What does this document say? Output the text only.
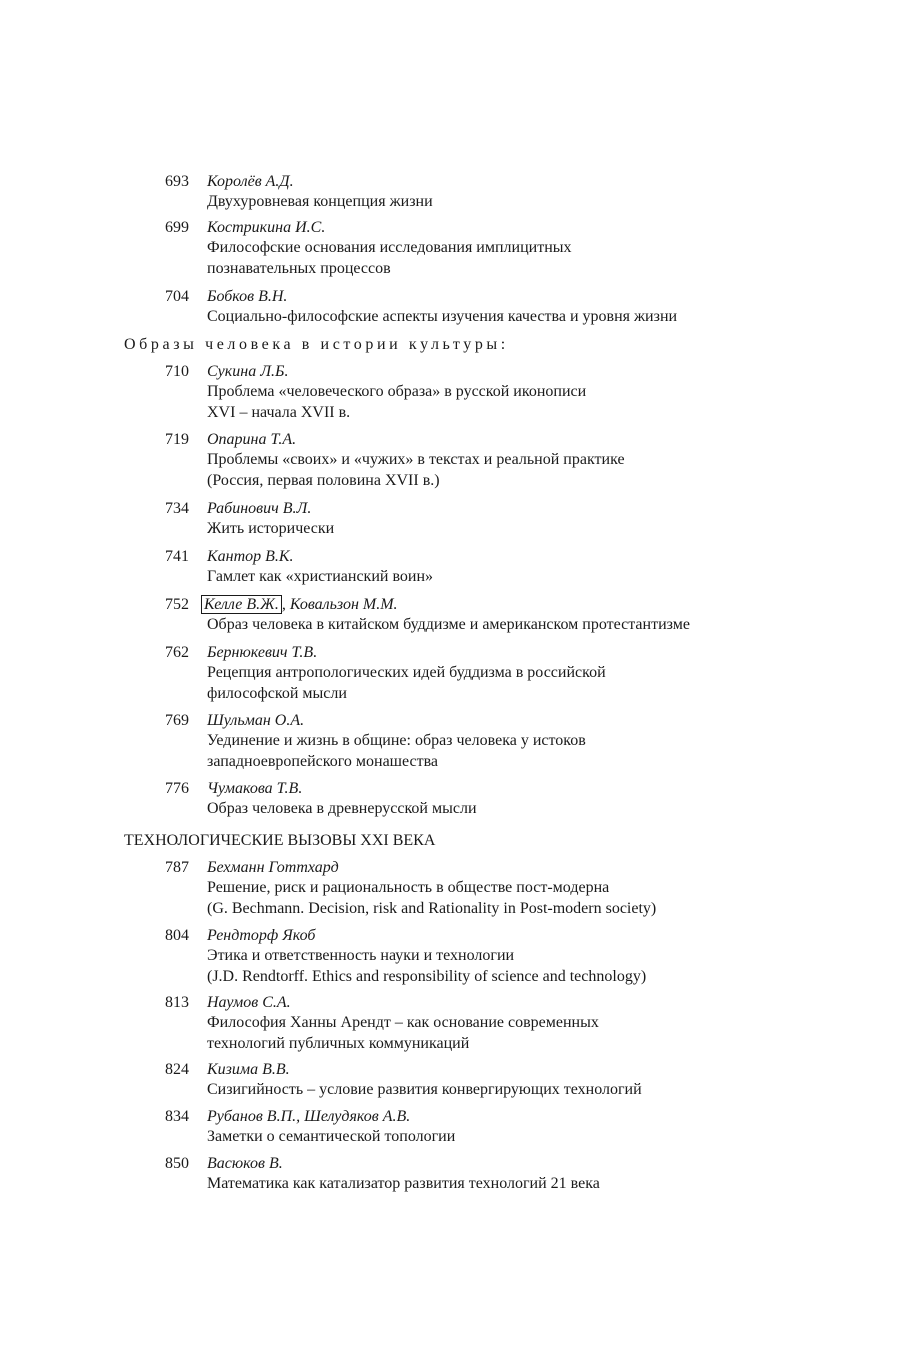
693 Королёв А.Д.
Двухуровневая концепция жизни
699 Кострикина И.С.
Философские основания исследования имплицитных
познавательных процессов
704 Бобков В.Н.
Социально-философские аспекты изучения качества и уровня жизни
Образы человека в истории культуры:
710 Сукина Л.Б.
Проблема «человеческого образа» в русской иконописи
XVI – начала XVII в.
719 Опарина Т.А.
Проблемы «своих» и «чужих» в текстах и реальной практике
(Россия, первая половина XVII в.)
734 Рабинович В.Л.
Жить исторически
741 Кантор В.К.
Гамлет как «христианский воин»
752 Келле В.Ж. , Ковальзон М.М.
Образ человека в китайском буддизме и американском протестантизме
762 Бернюкевич Т.В.
Рецепция антропологических идей буддизма в российской
философской мысли
769 Шульман О.А.
Уединение и жизнь в общине: образ человека у истоков
западноевропейского монашества
776 Чумакова Т.В.
Образ человека в древнерусской мысли
ТЕХНОЛОГИЧЕСКИЕ ВЫЗОВЫ XXI ВЕКА
787 Бехманн Готтхард
Решение, риск и рациональность в обществе пост-модерна
(G. Bechmann. Decision, risk and Rationality in Post-modern society)
804 Рендторф Якоб
Этика и ответственность науки и технологии
(J.D. Rendtorff. Ethics and responsibility of science and technology)
813 Наумов С.А.
Философия Ханны Арендт – как основание современных
технологий публичных коммуникаций
824 Кизима В.В.
Сизигийность – условие развития конвергирующих технологий
834 Рубанов В.П., Шелудяков А.В.
Заметки о семантической топологии
850 Васюков В.
Математика как катализатор развития технологий 21 века
